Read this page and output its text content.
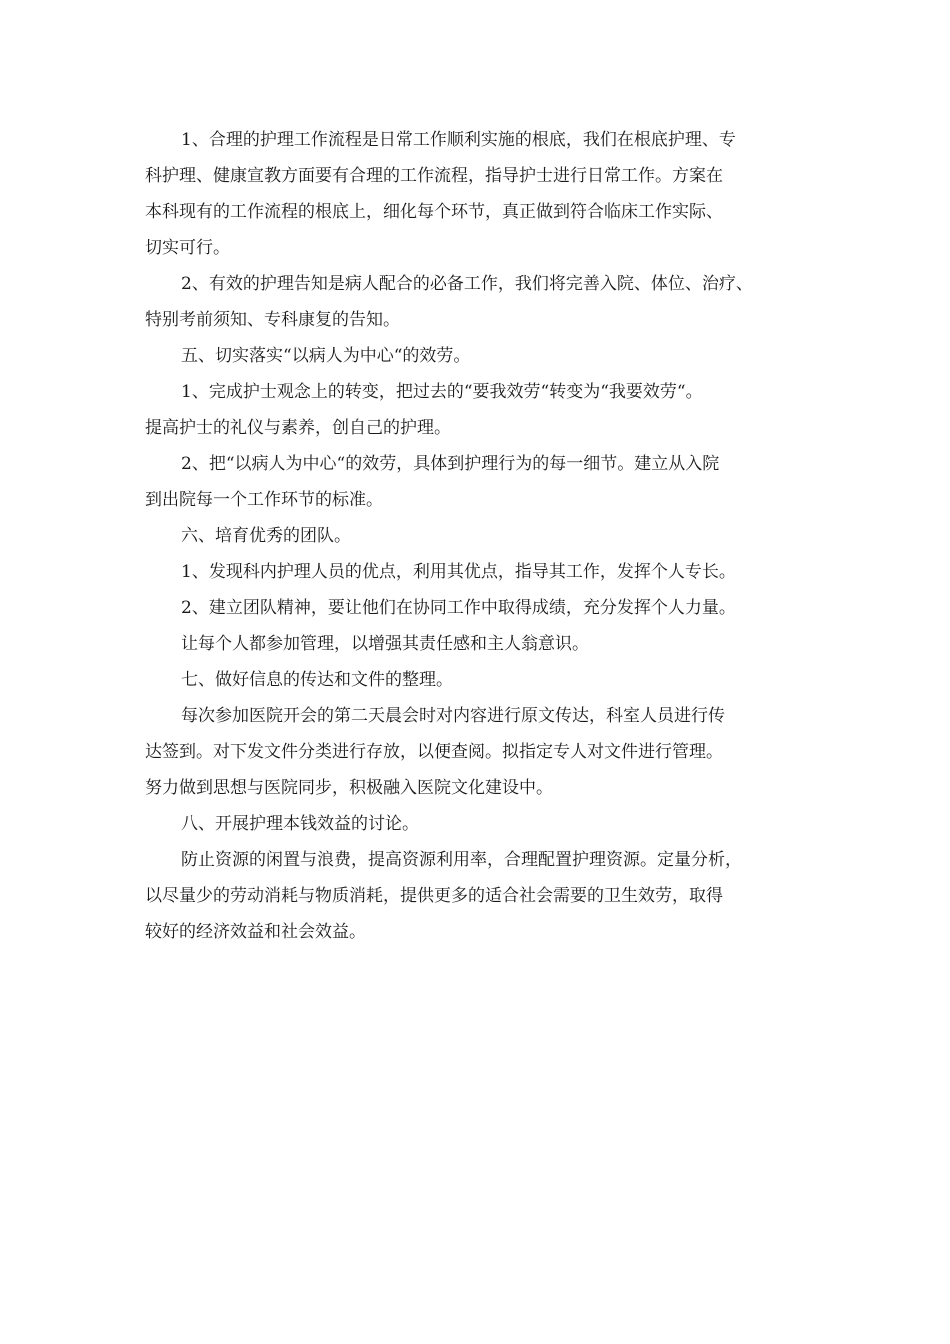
1、合理的护理工作流程是日常工作顺利实施的根底，我们在根底护理、专
科护理、健康宣教方面要有合理的工作流程，指导护士进行日常工作。方案在
本科现有的工作流程的根底上，细化每个环节，真正做到符合临床工作实际、
切实可行。
2、有效的护理告知是病人配合的必备工作，我们将完善入院、体位、治疗、
特别考前须知、专科康复的告知。
五、切实落实“以病人为中心“的效劳。
1、完成护士观念上的转变，把过去的“要我效劳“转变为“我要效劳“。
提高护士的礼仪与素养，创自己的护理。
2、把“以病人为中心“的效劳，具体到护理行为的每一细节。建立从入院
到出院每一个工作环节的标准。
六、培育优秀的团队。
1、发现科内护理人员的优点，利用其优点，指导其工作，发挥个人专长。
2、建立团队精神，要让他们在协同工作中取得成绩，充分发挥个人力量。
让每个人都参加管理，以增强其责任感和主人翁意识。
七、做好信息的传达和文件的整理。
每次参加医院开会的第二天晨会时对内容进行原文传达，科室人员进行传
达签到。对下发文件分类进行存放，以便查阅。拟指定专人对文件进行管理。
努力做到思想与医院同步，积极融入医院文化建设中。
八、开展护理本钱效益的讨论。
防止资源的闲置与浪费，提高资源利用率，合理配置护理资源。定量分析，
以尽量少的劳动消耗与物质消耗，提供更多的适合社会需要的卫生效劳，取得
较好的经济效益和社会效益。
